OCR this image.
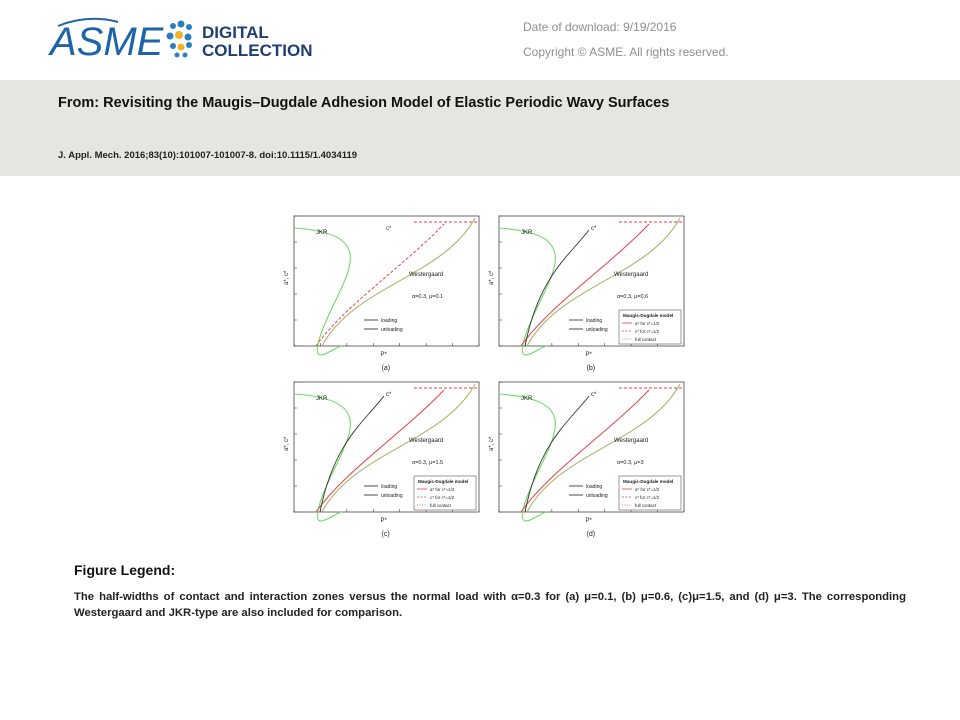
ASME DIGITAL
COLLECTION
Date of download: 9/19/2016
Copyright © ASME. All rights reserved.
From: Revisiting the Maugis–Dugdale Adhesion Model of Elastic Periodic Wavy Surfaces
J. Appl. Mech. 2016;83(10):101007-101007-8. doi:10.1115/1.4034119
JKR
Westergaard
c*
α=0.3, μ=0.1
P*
a*, c*
loading
unloading
(a)
JKR
Westergaard
c*
α=0.3, μ=0.6
P*
a*, c*
loading
unloading
Maugis-Dugdale model
a* for c*=1/2
c* for c*=1/2
full contact
(b)
JKR
Westergaard
c*
α=0.3, μ=1.5
P*
a*, c*
loading
unloading
Maugis-Dugdale model
a* for c*=1/2
c* for c*=1/2
full contact
(c)
JKR
Westergaard
c*
α=0.3, μ=3
P*
a*, c*
loading
unloading
Maugis-Dugdale model
a* for c*=1/2
c* for c*=1/2
full contact
(d)
Figure Legend:
The half-widths of contact and interaction zones versus the normal load with α=0.3 for (a) μ=0.1, (b) μ=0.6, (c)μ=1.5, and (d) μ=3. The corresponding Westergaard and JKR-type are also included for comparison.
